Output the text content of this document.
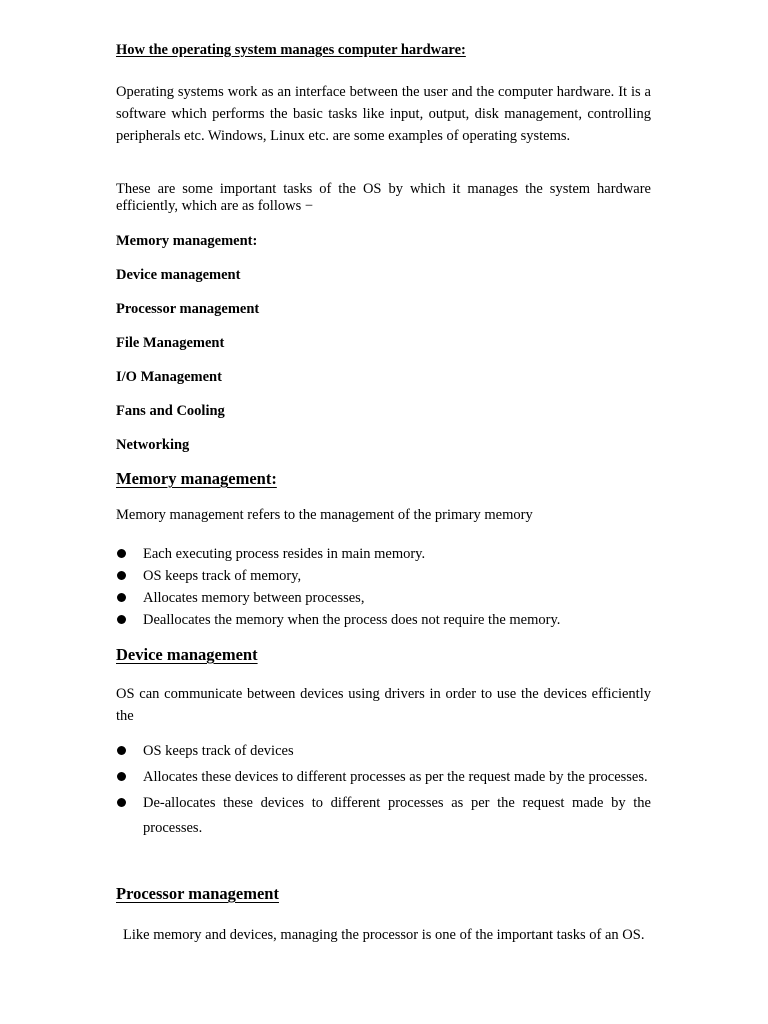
How the operating system manages computer hardware:

Operating systems work as an interface between the user and the computer hardware. It is a software which performs the basic tasks like input, output, disk management, controlling peripherals etc. Windows, Linux etc. are some examples of operating systems.

These are some important tasks of the OS by which it manages the system hardware efficiently, which are as follows −

Memory management:
Device management
Processor management
File Management
I/O Management
Fans and Cooling
Networking
Memory management:

Memory management refers to the management of the primary memory

Each executing process resides in main memory.
OS keeps track of memory,
Allocates memory between processes,
Deallocates the memory when the process does not require the memory.
Device management

OS can communicate between devices using drivers in order to use the devices efficiently the

OS keeps track of devices
Allocates these devices to different processes as per the request made by the processes.
De-allocates these devices to different processes as per the request made by the processes.
Processor management

Like memory and devices, managing the processor is one of the important tasks of an OS.
